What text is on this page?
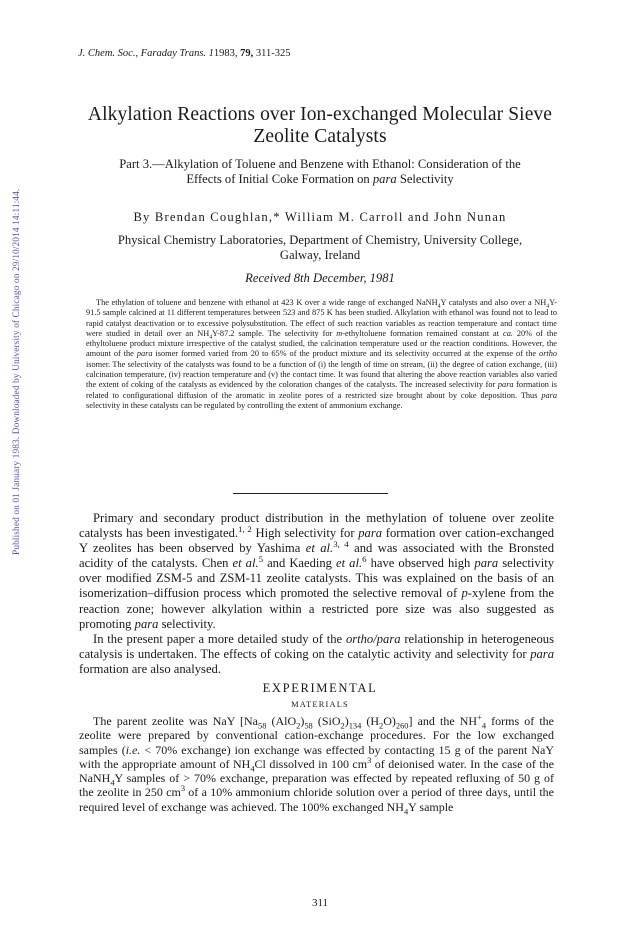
Published on 01 January 1983. Downloaded by University of Chicago on 29/10/2014 14:11:44.
J. Chem. Soc., Faraday Trans. 11983, 79, 311-325
Alkylation Reactions over Ion-exchanged Molecular Sieve
Zeolite Catalysts
Part 3.—Alkylation of Toluene and Benzene with Ethanol: Consideration of the
Effects of Initial Coke Formation on para Selectivity
By Brendan Coughlan,* William M. Carroll and John Nunan
Physical Chemistry Laboratories, Department of Chemistry, University College,
Galway, Ireland
Received 8th December, 1981

The ethylation of toluene and benzene with ethanol at 423 K over a wide range of exchanged NaNH$_4$Y catalysts and also over a $NH_4Y-91.5$ sample calcined at 11 different temperatures between 523 and 875 K has been studied. Alkylation with ethanol was found not to lead to rapid catalyst deactivation or to excessive polysubstitution. The effect of such reaction variables as reaction temperature and contact time were studied in detail over an $NH_4Y-87.2$ sample. The selectivity for m-ethyltoluene formation remained constant at ca. 20% of the ethyltoluene product mixture irrespective of the catalyst studied, the calcination temperature used or the reaction conditions. However, the amount of the para isomer formed varied from 20 to 65% of the product mixture and its selectivity occurred at the expense of the ortho isomer. The selectivity of the catalysts was found to be a function of (i) the length of time on stream, (ii) the degree of cation exchange, (iii) calcination temperature, (iv) reaction temperature and (v) the contact time. It was found that altering the above reaction variables also varied the extent of coking of the catalysts as evidenced by the coloration changes of the catalysts. The increased selectivity for para formation is related to configurational diffusion of the aromatic in zeolite pores of a restricted size brought about by coke deposition. Thus para selectivity in these catalysts can be regulated by controlling the extent of ammonium exchange.

Primary and secondary product distribution in the methylation of toluene over zeolite catalysts has been investigated.$^{1, 2}$ High selectivity for para formation over cation-exchanged Y zeolites has been observed by Yashima et al.$^{3, 4}$ and was associated with the Bronsted acidity of the catalysts. Chen et al.$^5$ and Kaeding et al.$^6$ have observed high para selectivity over modified ZSM-5 and ZSM-11 zeolite catalysts. This was explained on the basis of an isomerization–diffusion process which promoted the selective removal of p-xylene from the reaction zone; however alkylation within a restricted pore size was also suggested as promoting para selectivity.

In the present paper a more detailed study of the ortho/para relationship in heterogeneous catalysis is undertaken. The effects of coking on the catalytic activity and selectivity for para formation are also analysed.

EXPERIMENTAL
MATERIALS

The parent zeolite was NaY [$Na_{58}$ $(AlO_2)_{58}$ $(SiO_2)_{134}$ $(H_2O)_{260}$] and the $NH^+_4$ forms of the zeolite were prepared by conventional cation-exchange procedures. For the low exchanged samples (i.e. < 70% exchange) ion exchange was effected by contacting 15 g of the parent NaY with the appropriate amount of $NH_4Cl$ dissolved in 100 $cm^3$ of deionised water. In the case of the NaNH$_4$Y samples of > 70% exchange, preparation was effected by repeated refluxing of 50 g of the zeolite in 250 $cm^3$ of a 10% ammonium chloride solution over a period of three days, until the required level of exchange was achieved. The 100% exchanged $NH_4Y$ sample

311
